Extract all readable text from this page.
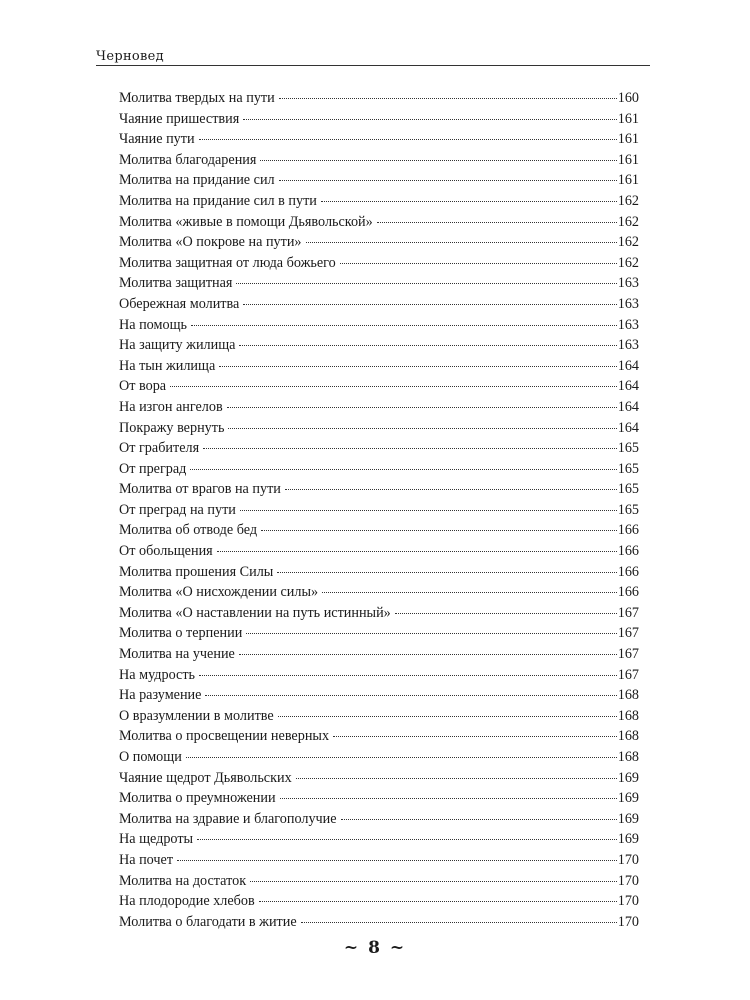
Черновед
Молитва твердых на пути	160
Чаяние пришествия	161
Чаяние пути	161
Молитва благодарения	161
Молитва на придание сил	161
Молитва на придание сил в пути	162
Молитва «живые в помощи Дьявольской»	162
Молитва «О покрове на пути»	162
Молитва защитная от люда божьего	162
Молитва защитная	163
Обережная молитва	163
На помощь	163
На защиту жилища	163
На тын жилища	164
От вора	164
На изгон ангелов	164
Покражу вернуть	164
От грабителя	165
От преград	165
Молитва от врагов на пути	165
От преград на пути	165
Молитва об отводе бед	166
От обольщения	166
Молитва прошения Силы	166
Молитва «О нисхождении силы»	166
Молитва «О наставлении на путь истинный»	167
Молитва о терпении	167
Молитва на учение	167
На мудрость	167
На разумение	168
О вразумлении в молитве	168
Молитва о просвещении неверных	168
О помощи	168
Чаяние щедрот Дьявольских	169
Молитва о преумножении	169
Молитва на здравие и благополучие	169
На щедроты	169
На почет	170
Молитва на достаток	170
На плодородие хлебов	170
Молитва о благодати в житие	170
~ 8 ~
